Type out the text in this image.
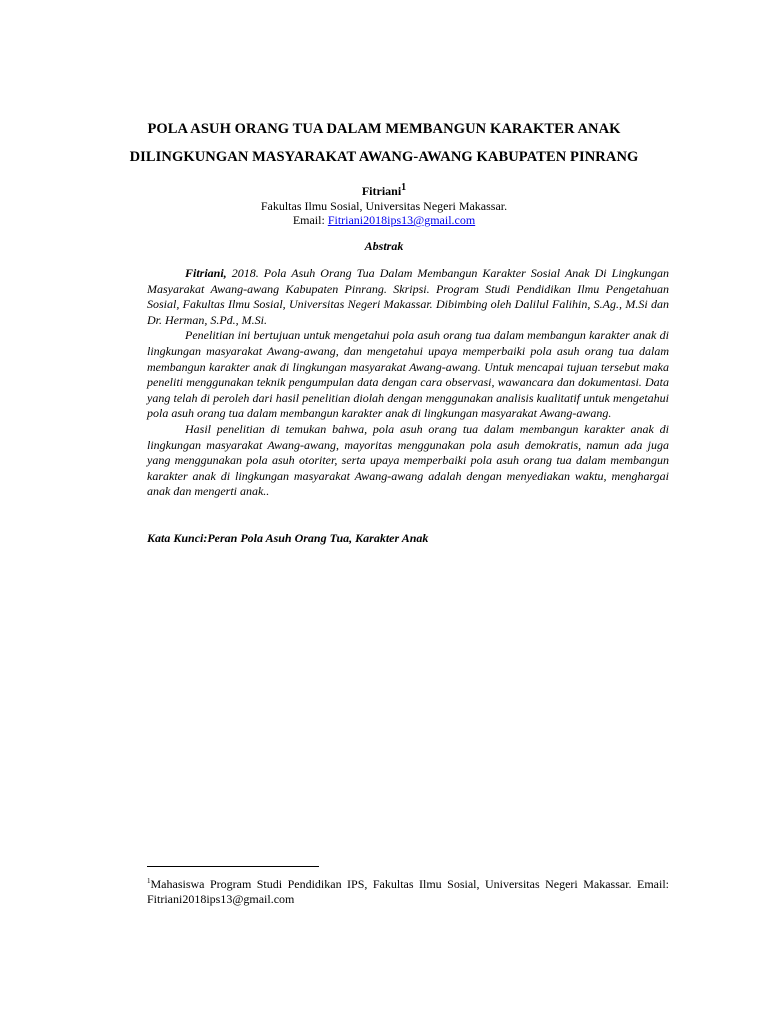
POLA ASUH ORANG TUA DALAM MEMBANGUN KARAKTER ANAK
DILINGKUNGAN MASYARAKAT AWANG-AWANG KABUPATEN PINRANG
Fitriani$^1$
Fakultas Ilmu Sosial, Universitas Negeri Makassar.
Email: Fitriani2018ips13@gmail.com
Abstrak

Fitriani, 2018. Pola Asuh Orang Tua Dalam Membangun Karakter Sosial Anak Di Lingkungan Masyarakat Awang-awang Kabupaten Pinrang. Skripsi. Program Studi Pendidikan Ilmu Pengetahuan Sosial, Fakultas Ilmu Sosial, Universitas Negeri Makassar. Dibimbing oleh Dalilul Falihin, S.Ag., M.Si dan Dr. Herman, S.Pd., M.Si.

Penelitian ini bertujuan untuk mengetahui pola asuh orang tua dalam membangun karakter anak di lingkungan masyarakat Awang-awang, dan mengetahui upaya memperbaiki pola asuh orang tua dalam membangun karakter anak di lingkungan masyarakat Awang-awang. Untuk mencapai tujuan tersebut maka peneliti menggunakan teknik pengumpulan data dengan cara observasi, wawancara dan dokumentasi. Data yang telah di peroleh dari hasil penelitian diolah dengan menggunakan analisis kualitatif untuk mengetahui pola asuh orang tua dalam membangun karakter anak di lingkungan masyarakat Awang-awang.

Hasil penelitian di temukan bahwa, pola asuh orang tua dalam membangun karakter anak di lingkungan masyarakat Awang-awang, mayoritas menggunakan pola asuh demokratis, namun ada juga yang menggunakan pola asuh otoriter, serta upaya memperbaiki pola asuh orang tua dalam membangun karakter anak di lingkungan masyarakat Awang-awang adalah dengan menyediakan waktu, menghargai anak dan mengerti anak..

Kata Kunci:Peran Pola Asuh Orang Tua, Karakter Anak
$^1$Mahasiswa Program Studi Pendidikan IPS, Fakultas Ilmu Sosial, Universitas Negeri Makassar. Email: Fitriani2018ips13@gmail.com
